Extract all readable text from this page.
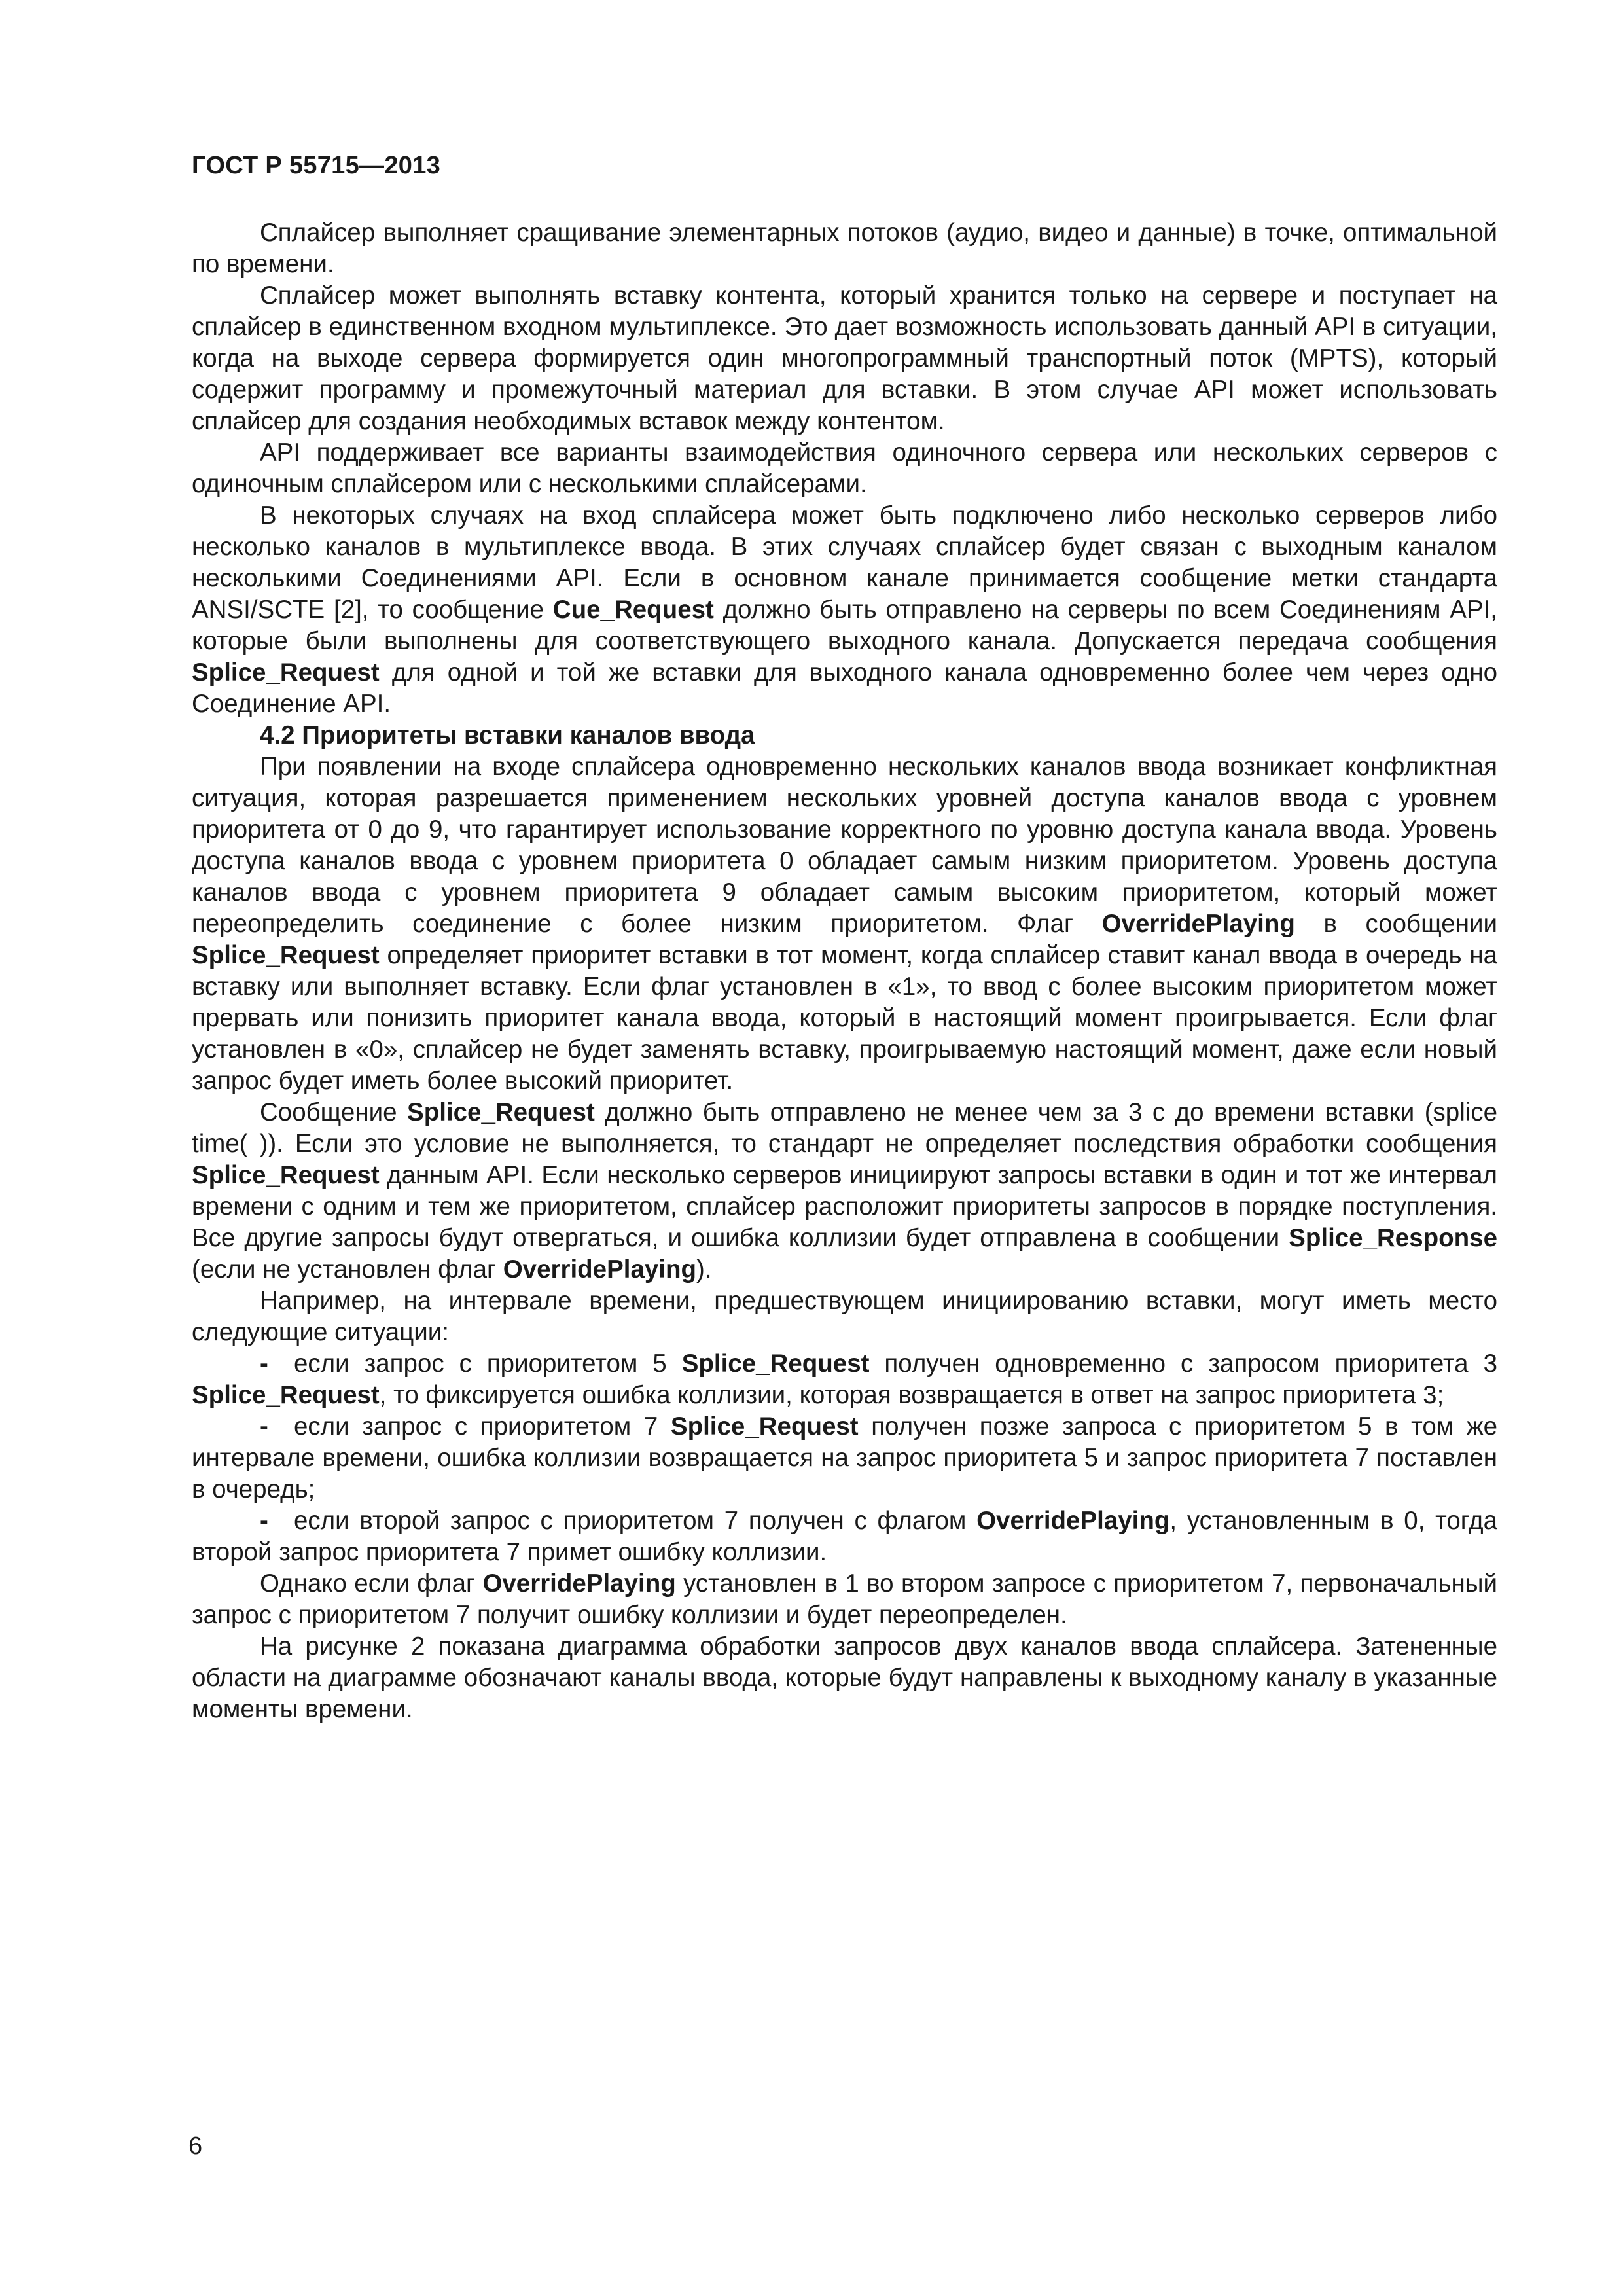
ГОСТ Р 55715—2013

Сплайсер выполняет сращивание элементарных потоков (аудио, видео и данные) в точке, оптимальной по времени.

Сплайсер может выполнять вставку контента, который хранится только на сервере и поступает на сплайсер в единственном входном мультиплексе. Это дает возможность использовать данный API в ситуации, когда на выходе сервера формируется один многопрограммный транспортный поток (MPTS), который содержит программу и промежуточный материал для вставки. В этом случае API может использовать сплайсер для создания необходимых вставок между контентом.

API поддерживает все варианты взаимодействия одиночного сервера или нескольких серверов с одиночным сплайсером или с несколькими сплайсерами.

В некоторых случаях на вход сплайсера может быть подключено либо несколько серверов либо несколько каналов в мультиплексе ввода. В этих случаях сплайсер будет связан с выходным каналом несколькими Соединениями API. Если в основном канале принимается сообщение метки стандарта ANSI/SCTE [2], то сообщение Cue_Request должно быть отправлено на серверы по всем Соединениям API, которые были выполнены для соответствующего выходного канала. Допускается передача сообщения Splice_Request для одной и той же вставки для выходного канала одновременно более чем через одно Соединение API.

4.2 Приоритеты вставки каналов ввода

При появлении на входе сплайсера одновременно нескольких каналов ввода возникает конфликтная ситуация, которая разрешается применением нескольких уровней доступа каналов ввода с уровнем приоритета от 0 до 9, что гарантирует использование корректного по уровню доступа канала ввода. Уровень доступа каналов ввода с уровнем приоритета 0 обладает самым низким приоритетом. Уровень доступа каналов ввода с уровнем приоритета 9 обладает самым высоким приоритетом, который может переопределить соединение с более низким приоритетом. Флаг OverridePlaying в сообщении Splice_Request определяет приоритет вставки в тот момент, когда сплайсер ставит канал ввода в очередь на вставку или выполняет вставку. Если флаг установлен в «1», то ввод с более высоким приоритетом может прервать или понизить приоритет канала ввода, который в настоящий момент проигрывается. Если флаг установлен в «0», сплайсер не будет заменять вставку, проигрываемую настоящий момент, даже если новый запрос будет иметь более высокий приоритет.

Сообщение Splice_Request должно быть отправлено не менее чем за 3 с до времени вставки (splice time( )). Если это условие не выполняется, то стандарт не определяет последствия обработки сообщения Splice_Request данным API. Если несколько серверов инициируют запросы вставки в один и тот же интервал времени с одним и тем же приоритетом, сплайсер расположит приоритеты запросов в порядке поступления. Все другие запросы будут отвергаться, и ошибка коллизии будет отправлена в сообщении Splice_Response (если не установлен флаг OverridePlaying).

Например, на интервале времени, предшествующем инициированию вставки, могут иметь место следующие ситуации:

- если запрос с приоритетом 5 Splice_Request получен одновременно с запросом приоритета 3 Splice_Request, то фиксируется ошибка коллизии, которая возвращается в ответ на запрос приоритета 3;

- если запрос с приоритетом 7 Splice_Request получен позже запроса с приоритетом 5 в том же интервале времени, ошибка коллизии возвращается на запрос приоритета 5 и запрос приоритета 7 поставлен в очередь;

- если второй запрос с приоритетом 7 получен с флагом OverridePlaying, установленным в 0, тогда второй запрос приоритета 7 примет ошибку коллизии.

Однако если флаг OverridePlaying установлен в 1 во втором запросе с приоритетом 7, первоначальный запрос с приоритетом 7 получит ошибку коллизии и будет переопределен.

На рисунке 2 показана диаграмма обработки запросов двух каналов ввода сплайсера. Затененные области на диаграмме обозначают каналы ввода, которые будут направлены к выходному каналу в указанные моменты времени.

6
